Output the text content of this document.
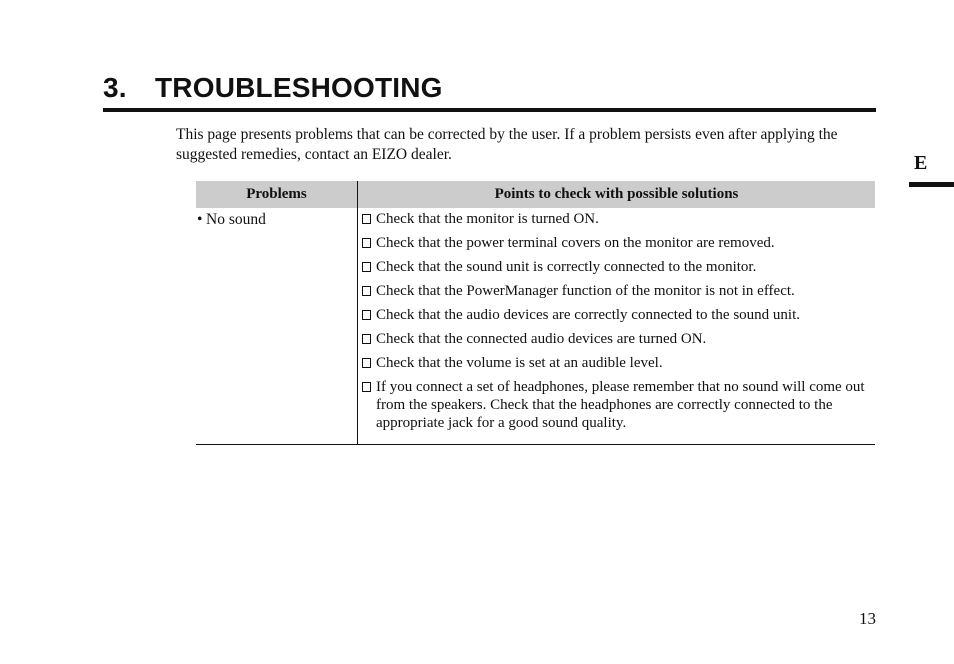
3. TROUBLESHOOTING
This page presents problems that can be corrected by the user. If a problem persists even after applying the suggested remedies, contact an EIZO dealer.	E
Problems	Points to check with possible solutions
• No sound	Check that the monitor is turned ON.
Check that the power terminal covers on the monitor are removed.
Check that the sound unit is correctly connected to the monitor.
Check that the PowerManager function of the monitor is not in effect.
Check that the audio devices are correctly connected to the sound unit.
Check that the connected audio devices are turned ON.
Check that the volume is set at an audible level.
If you connect a set of headphones, please remember that no sound will come out from the speakers. Check that the headphones are correctly connected to the appropriate jack for a good sound quality.
13
